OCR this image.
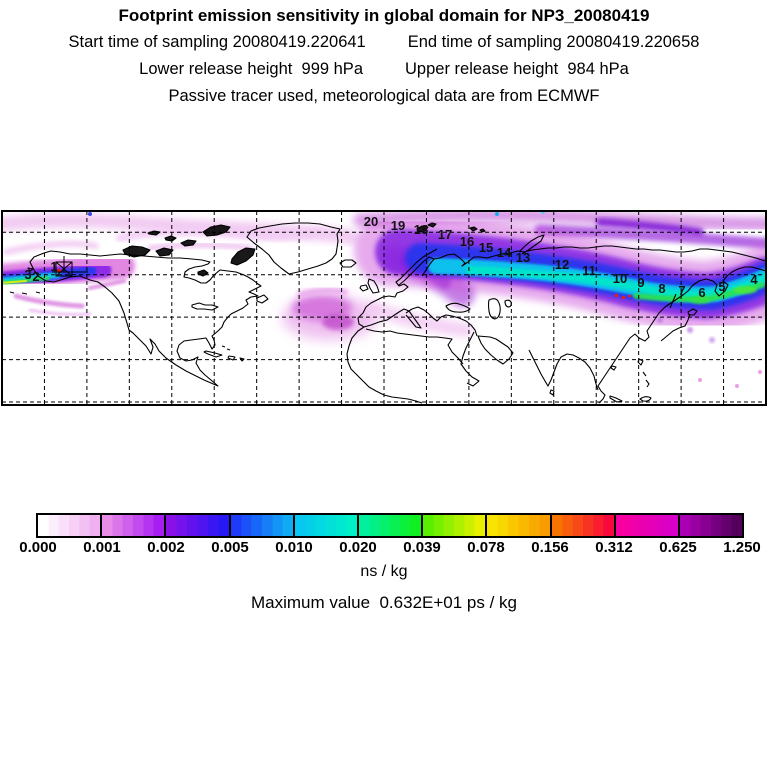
Footprint emission sensitivity in global domain for NP3_20080419
Start time of sampling 20080419.220641	End time of sampling 20080419.220658
Lower release height  999 hPa	Upper release height  984 hPa
Passive tracer used, meteorological data are from ECMWF
20 19 18 17 16 15 14 13 12 11
10 9 8 7 6 5 4
3 2
1
0.000 0.001 0.002 0.005 0.010 0.020 0.039 0.078 0.156 0.312 0.625 1.250
ns / kg
Maximum value  0.632E+01 ps / kg
